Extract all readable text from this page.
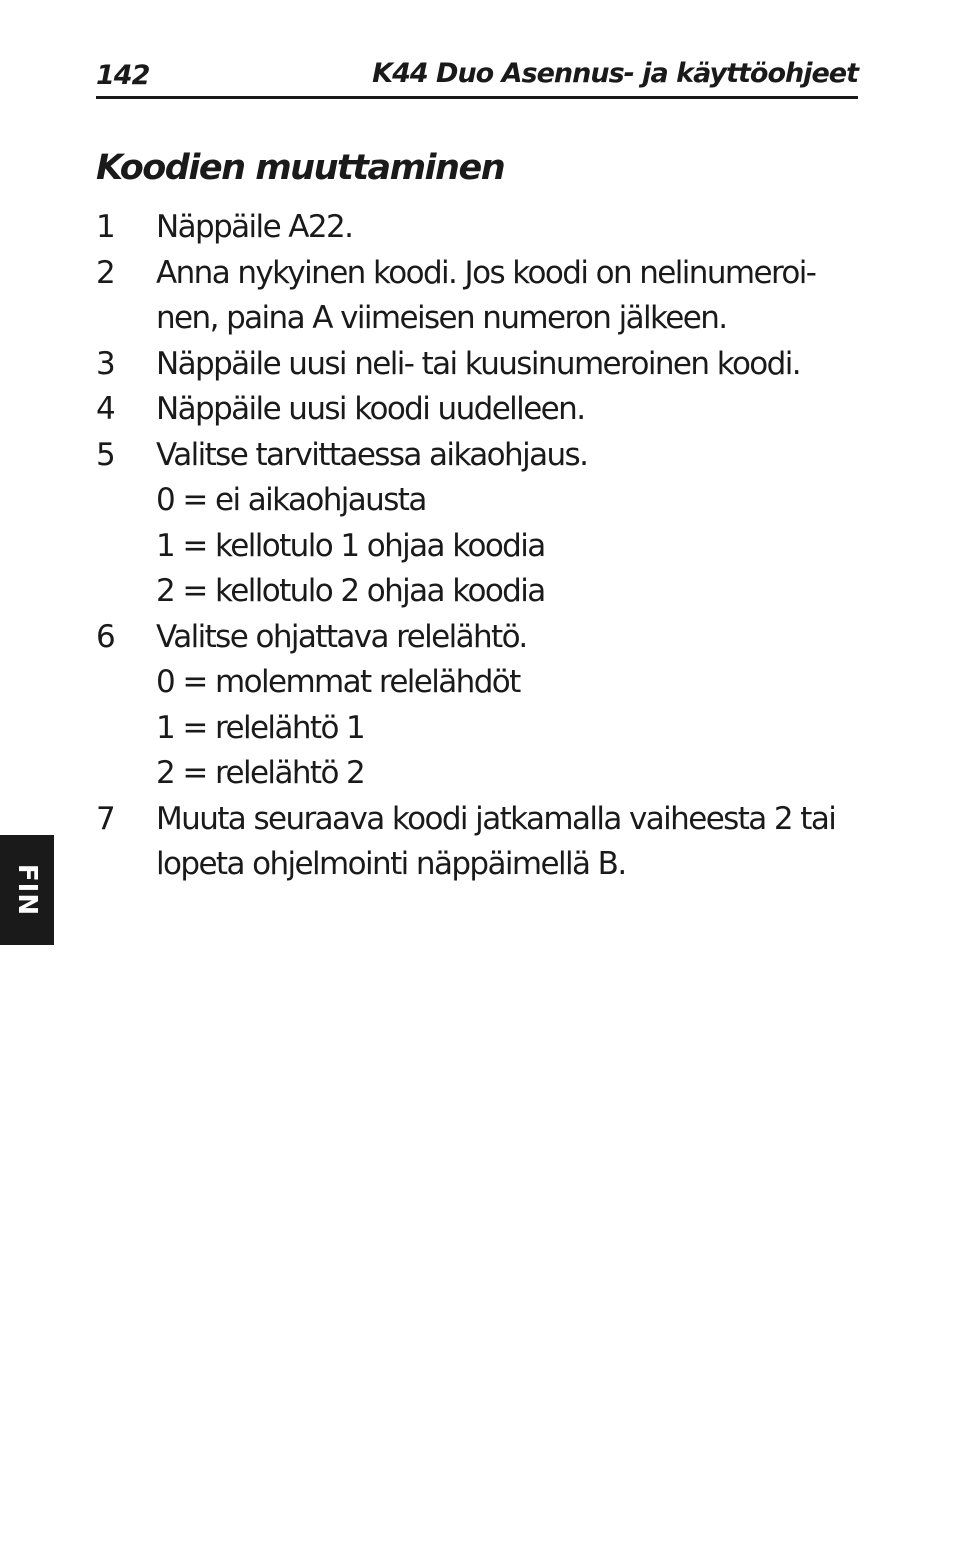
142	K44 Duo Asennus- ja käyttöohjeet
Koodien muuttaminen
1	Näppäile A22.
2	Anna nykyinen koodi. Jos koodi on nelinumeroi-
nen, paina A viimeisen numeron jälkeen.
3	Näppäile uusi neli- tai kuusinumeroinen koodi.
4	Näppäile uusi koodi uudelleen.
5	Valitse tarvittaessa aikaohjaus.
0 = ei aikaohjausta
1 = kellotulo 1 ohjaa koodia
2 = kellotulo 2 ohjaa koodia
6	Valitse ohjattava relelähtö.
0 = molemmat relelähdöt
1 = relelähtö 1
2 = relelähtö 2
7	Muuta seuraava koodi jatkamalla vaiheesta 2 tai
lopeta ohjelmointi näppäimellä B.
FIN
